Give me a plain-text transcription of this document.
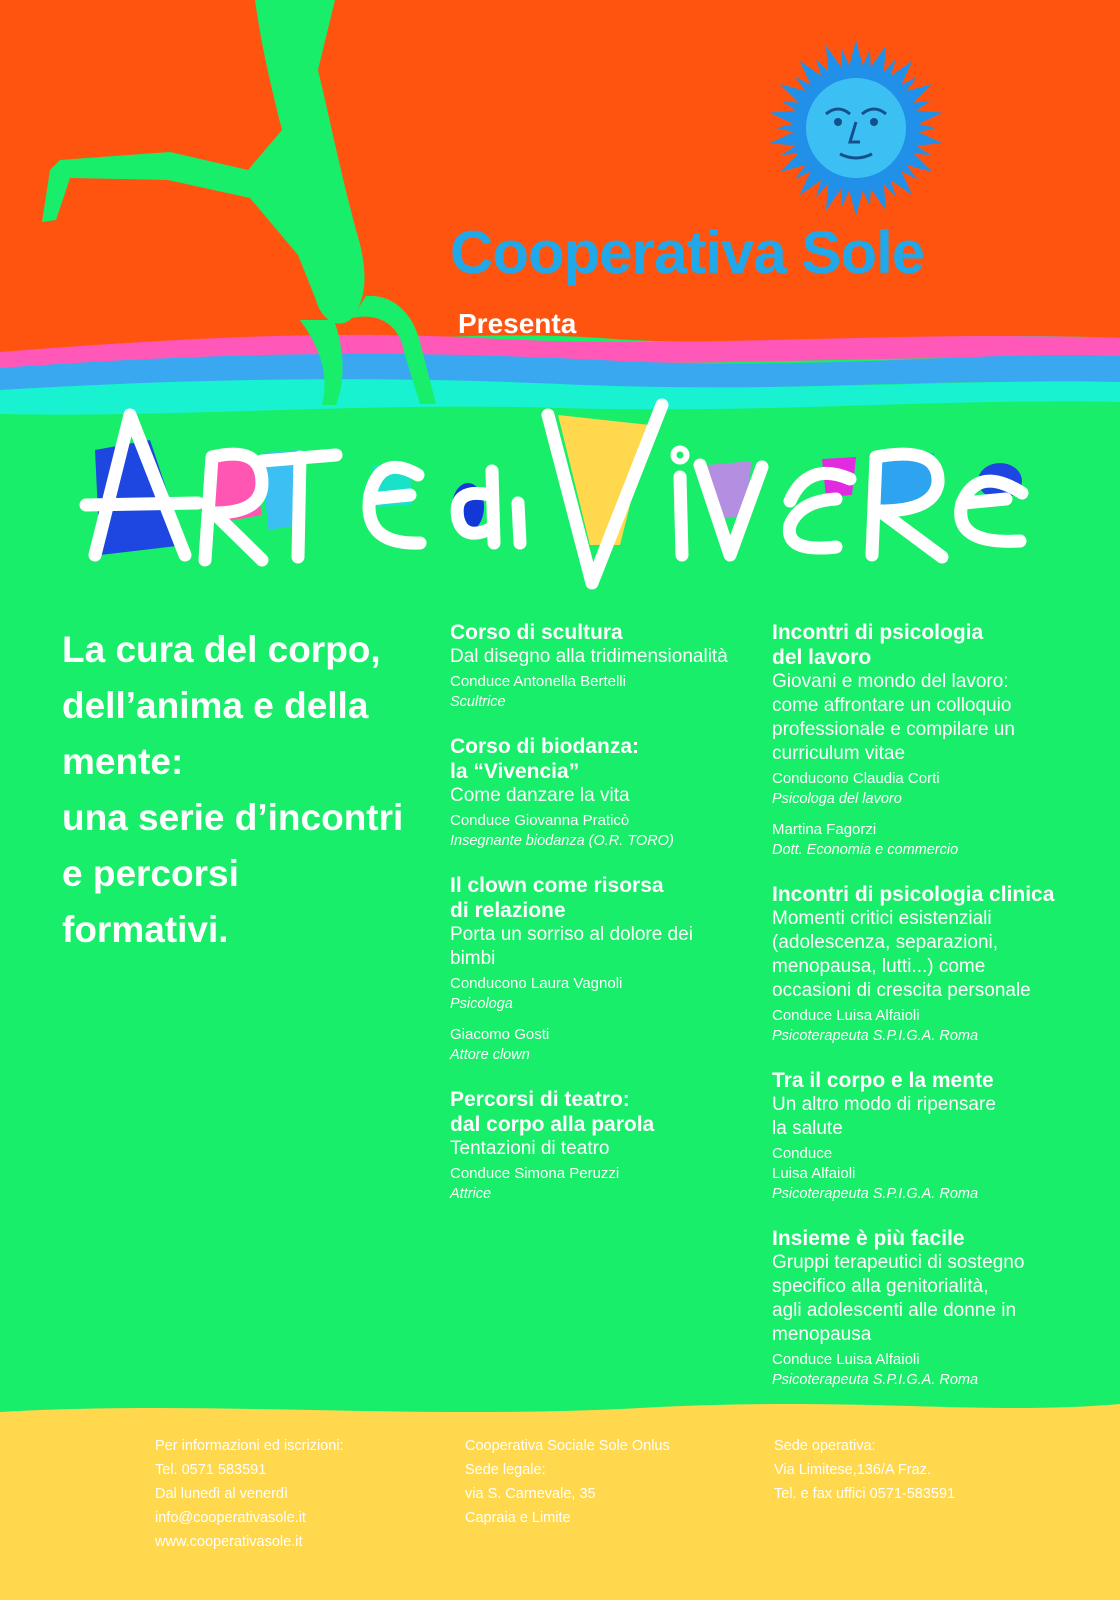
Cooperativa Sole

Presenta

La cura del corpo,
dell’anima e della
mente:
una serie d’incontri
e percorsi
formativi.
Corso di scultura
Dal disegno alla tridimensionalità
Conduce Antonella Bertelli
Scultrice
Corso di biodanza:
la “Vivencia”
Come danzare la vita
Conduce Giovanna Praticò
Insegnante biodanza (O.R. TORO)
Il clown come risorsa
di relazione
Porta un sorriso al dolore dei
bimbi
Conducono Laura Vagnoli
Psicologa
Giacomo Gosti
Attore clown
Percorsi di teatro:
dal corpo alla parola
Tentazioni di teatro
Conduce Simona Peruzzi
Attrice
Incontri di psicologia
del lavoro
Giovani e mondo del lavoro:
come affrontare un colloquio
professionale e compilare un
curriculum vitae
Conducono Claudia Corti
Psicologa del lavoro
Martina Fagorzi
Dott. Economia e commercio
Incontri di psicologia clinica
Momenti critici esistenziali
(adolescenza, separazioni,
menopausa, lutti...) come
occasioni di crescita personale
Conduce Luisa Alfaioli
Psicoterapeuta S.P.I.G.A. Roma
Tra il corpo e la mente
Un altro modo di ripensare
la salute
Conduce
Luisa Alfaioli
Psicoterapeuta S.P.I.G.A. Roma
Insieme è più facile
Gruppi terapeutici di sostegno
specifico alla genitorialità,
agli adolescenti alle donne in
menopausa
Conduce Luisa Alfaioli
Psicoterapeuta S.P.I.G.A. Roma
Per informazioni ed iscrizioni:
Tel. 0571 583591
Dal lunedì al venerdì
info@cooperativasole.it
www.cooperativasole.it
Cooperativa Sociale Sole Onlus
Sede legale:
via S. Carnevale, 35
Capraia e Limite
Sede operativa:
Via Limitese,136/A Fraz.
Tel. e fax uffici 0571-583591
